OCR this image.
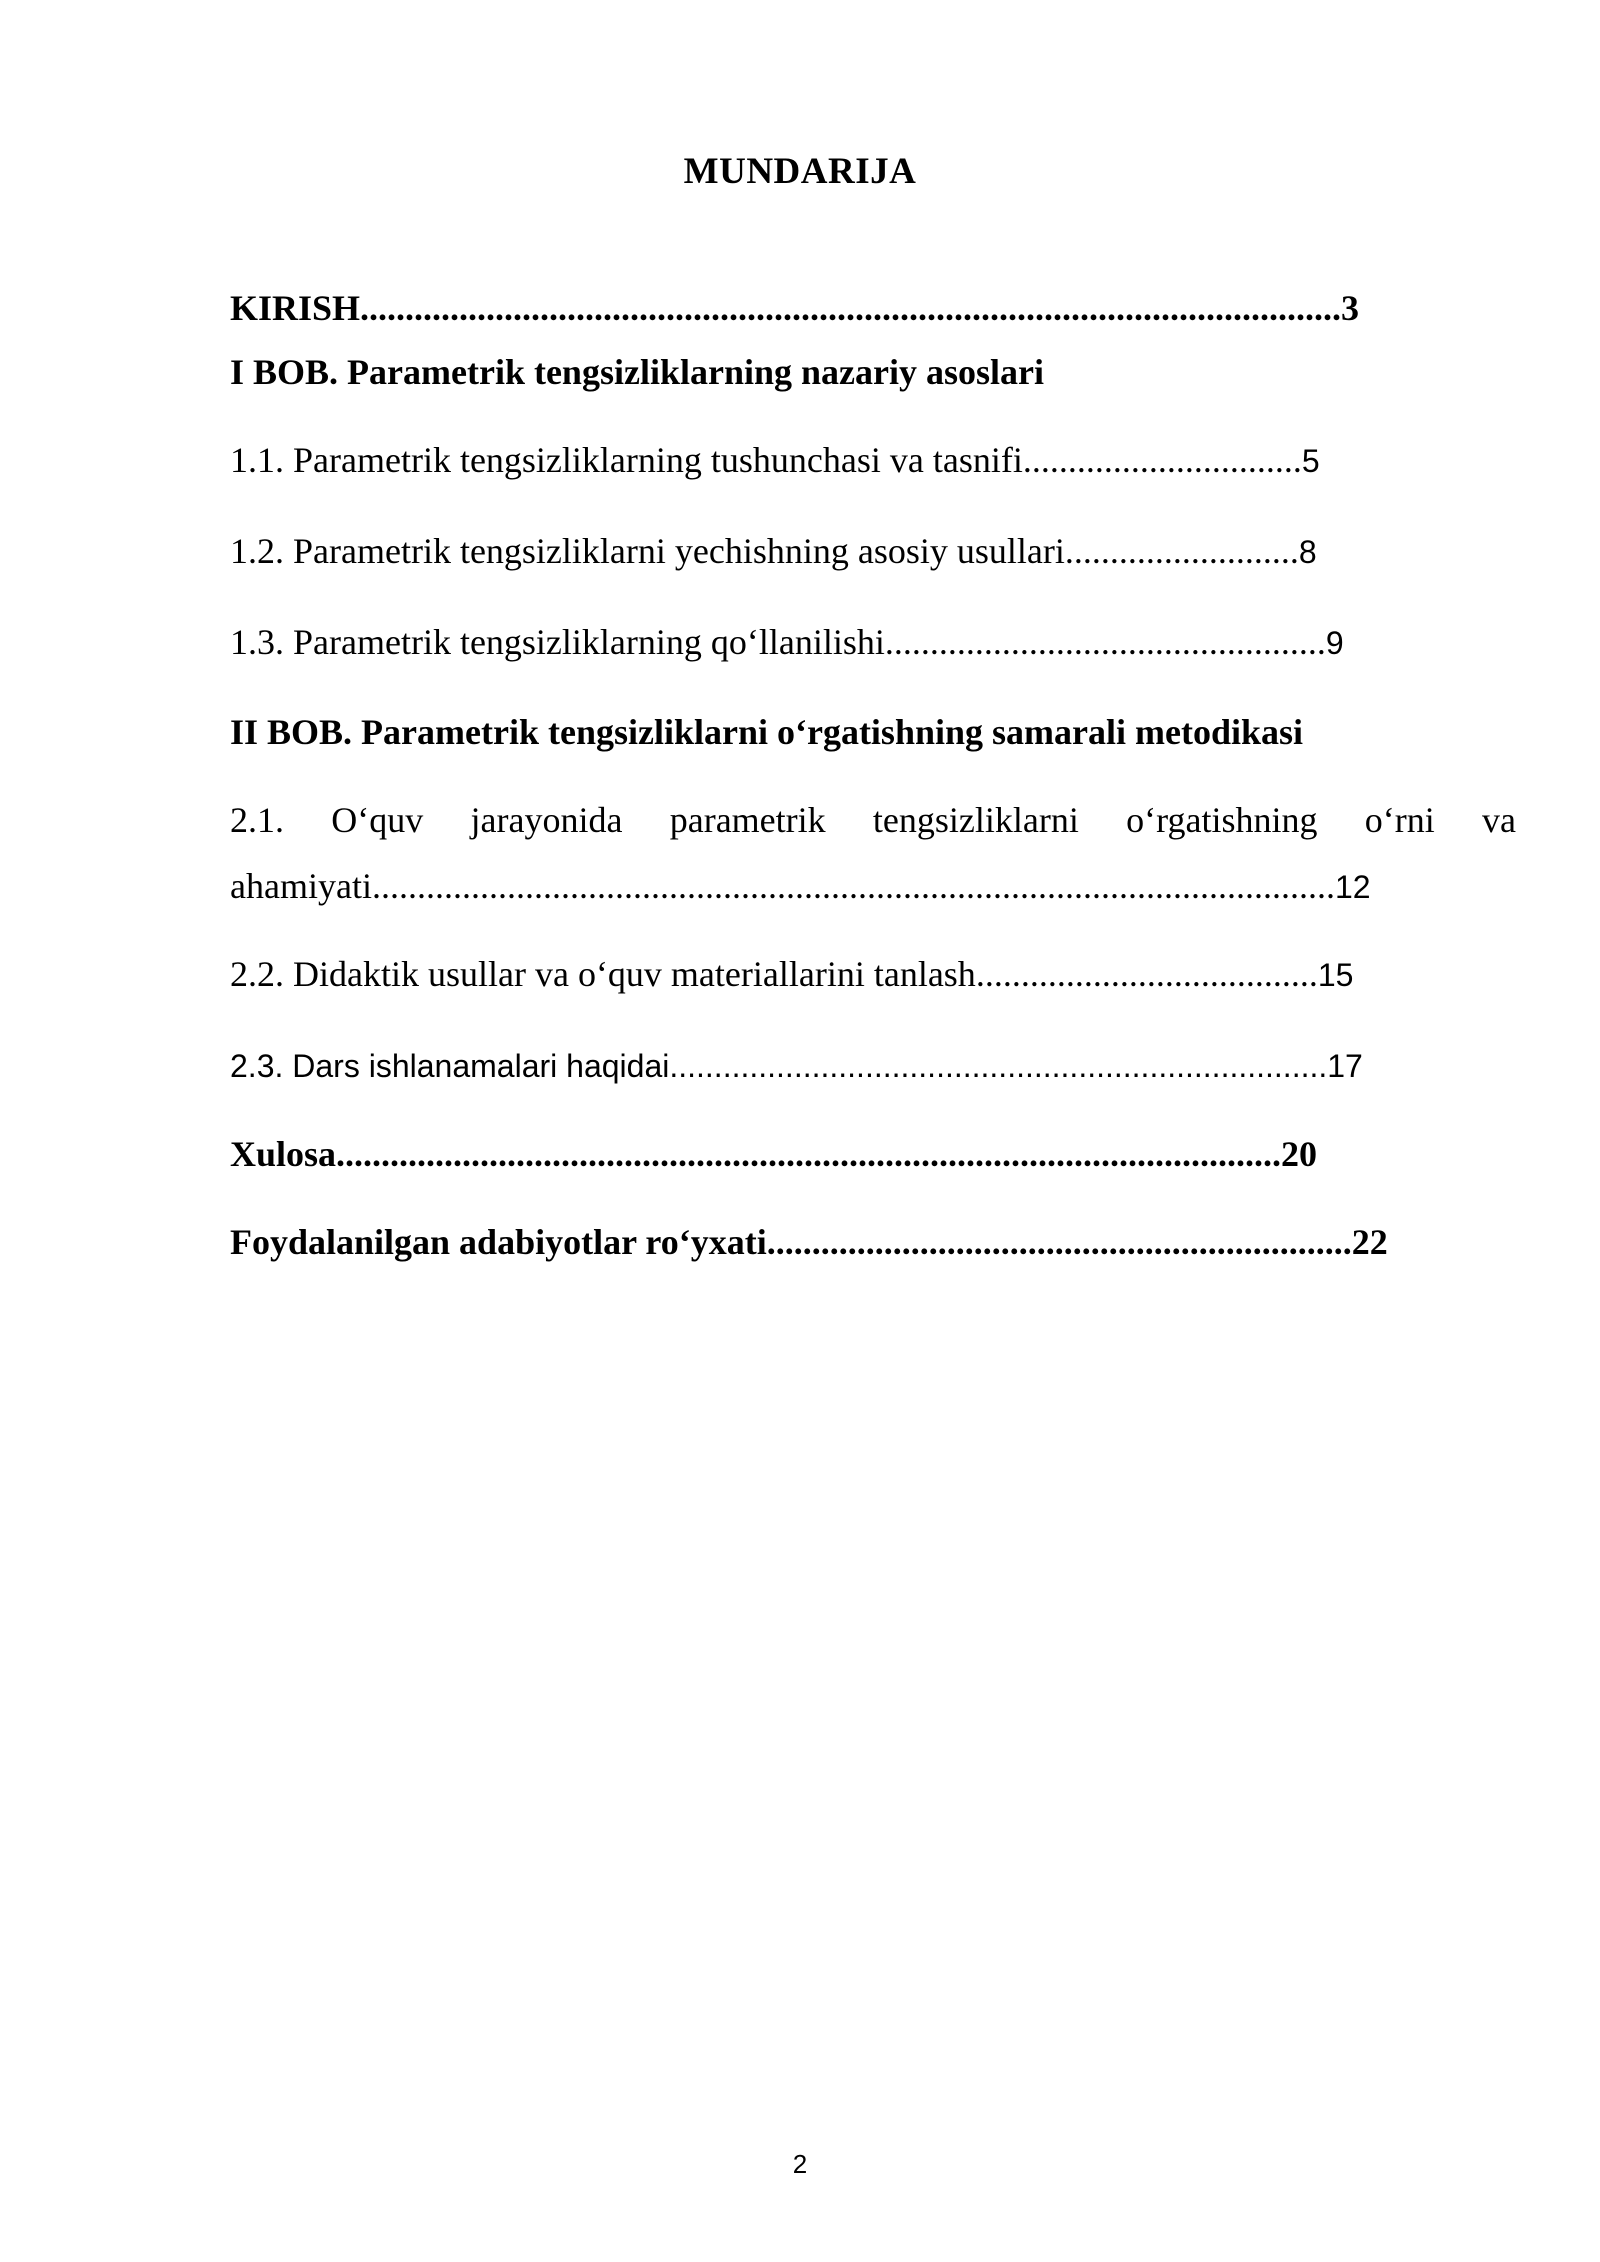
MUNDARIJA
KIRISH.............................................................................................................3
I BOB. Parametrik tengsizliklarning nazariy asoslari
1.1. Parametrik tengsizliklarning tushunchasi va tasnifi...............................5
1.2. Parametrik tengsizliklarni yechishning asosiy usullari..........................8
1.3. Parametrik tengsizliklarning qo‘llanilishi.................................................9
II BOB. Parametrik tengsizliklarni o‘rgatishning samarali metodikasi
2.1. O‘quv jarayonida parametrik tengsizliklarni o‘rgatishning o‘rni va
ahamiyati...........................................................................................................12
2.2. Didaktik usullar va o‘quv materiallarini tanlash......................................15
2.3. Dars ishlanamalari haqidai..........................................................................17
Xulosa.........................................................................................................20
Foydalanilgan adabiyotlar ro‘yxati.................................................................22
2
